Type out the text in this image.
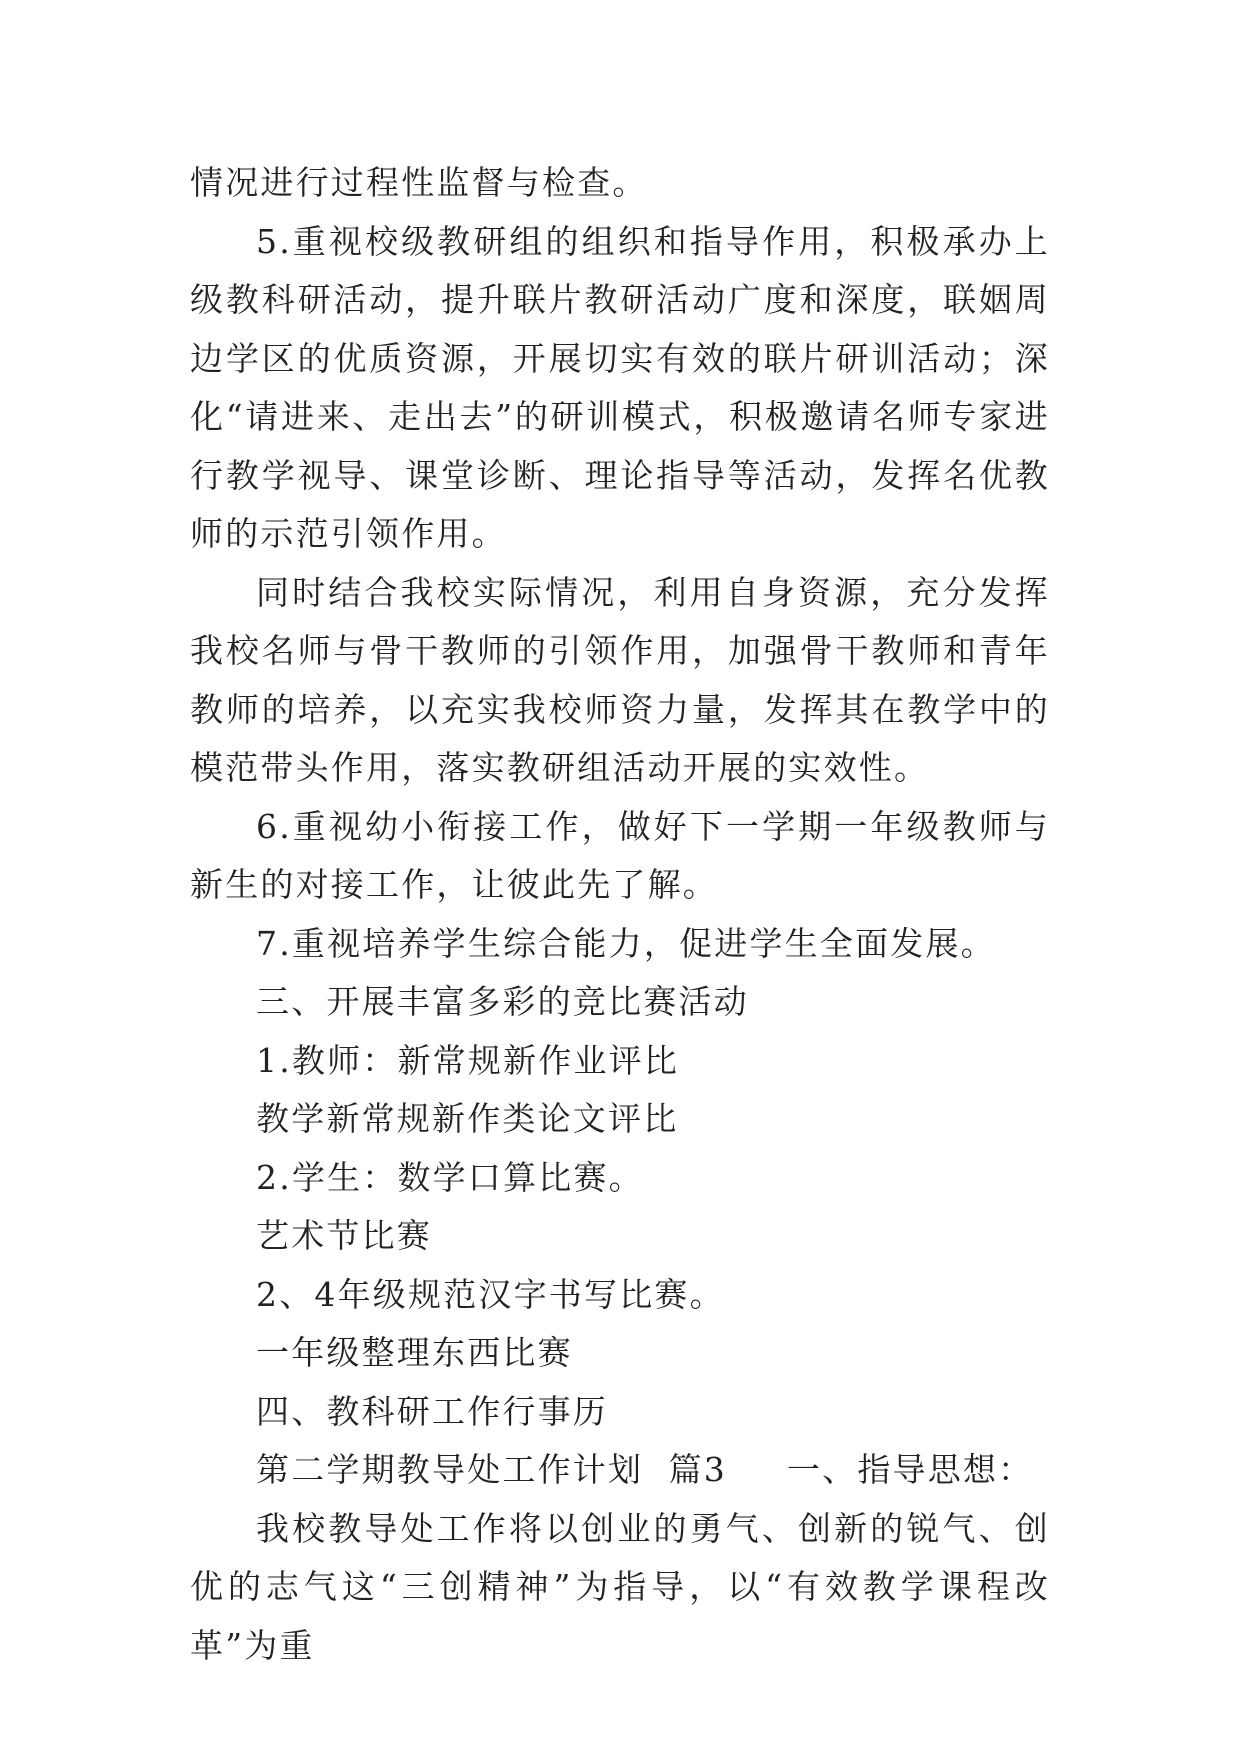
情况进行过程性监督与检查。

5.重视校级教研组的组织和指导作用，积极承办上级教科研活动，提升联片教研活动广度和深度，联姻周边学区的优质资源，开展切实有效的联片研训活动；深化“请进来、走出去”的研训模式，积极邀请名师专家进行教学视导、课堂诊断、理论指导等活动，发挥名优教师的示范引领作用。

同时结合我校实际情况，利用自身资源，充分发挥我校名师与骨干教师的引领作用，加强骨干教师和青年教师的培养，以充实我校师资力量，发挥其在教学中的模范带头作用，落实教研组活动开展的实效性。

6.重视幼小衔接工作，做好下一学期一年级教师与新生的对接工作，让彼此先了解。

7.重视培养学生综合能力，促进学生全面发展。

三、开展丰富多彩的竞比赛活动

1.教师：新常规新作业评比

教学新常规新作类论文评比

2.学生：数学口算比赛。

艺术节比赛

2、4年级规范汉字书写比赛。

一年级整理东西比赛

四、教科研工作行事历

第二学期教导处工作计划  篇3 一、指导思想：

我校教导处工作将以创业的勇气、创新的锐气、创优的志气这“三创精神”为指导，以“有效教学课程改革”为重
